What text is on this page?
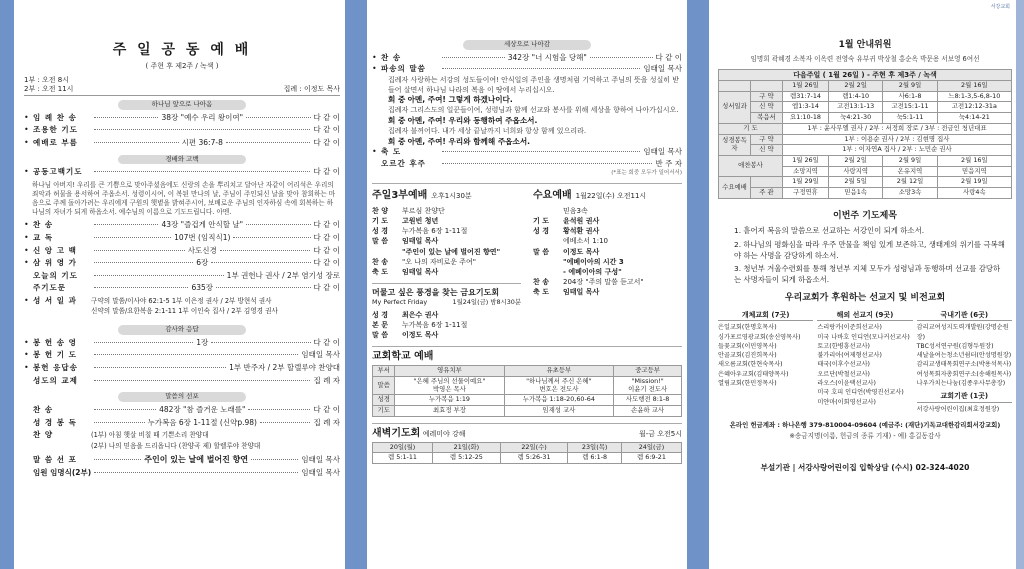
주 일 공 동 예 배
( 주현 후 제2주 / 녹색 )
1부 : 오전 8시
2부 : 오전 11시	집례 : 이정도 목사
하나님 앞으로 나아옴
• 임 례 찬 송	38장 "예수 우리 왕이여"	다 같 이
• 조용한 기도	다 같 이
• 예배로 부름	시편 36:7-8	다 같 이
경배와 고백
• 공동고백기도	다 같 이
하나님 아버지! 우리를 큰 기쁨으로 맞아주셨음에도 신랑의 손을 뿌리치고 달아난 자같이 어리석은 우리의 죄악과 허물을 용서하여 주옵소서. 성령이시여, 이 복된 만나의 날, 주님이 주인되신 날을 맞아 참회하는 마음으로 주께 돌아가려는 우리에게 구원의 햇볕을 밝혀주시어, 보배로운 주님의 인자하심 속에 회복하는 하나님의 자녀가 되게 하옵소서. 예수님의 이름으로 기도드립니다. 아멘.
• 찬 송	43장 "즐겁게 안식할 날"	다 같 이
• 교 독	107번 (임직식1)	다 같 이
• 신 앙 고 백	사도신경	다 같 이
• 삼 위 영 가	6장	다 같 이
오늘의 기도	1부 권헌나 권사 / 2부 염기성 장로
주기도문	635장	다 같 이
• 성 서 일 과	구약의 말씀/이사야 62:1-5 1부 이은정 권사 / 2부 방현석 권사
신약의 말씀/요한복음 2:1-11 1부 이인숙 집사 / 2부 김영경 권사
감사와 응답
• 봉 헌 송 영	1장	다 같 이
• 봉 헌 기 도	임태일 목사
• 봉헌 응답송	1부 반주자 / 2부 할렐루야 찬양대
성도의 교제	집 례 자
말씀의 선포
찬 송	482장 "참 즐거운 노래를"	다 같 이
성 경 봉 독	누가복음 6장 1-11절 (신약p.98)	집 례 자
찬 양	(1부) 아침 햇살 비칠 때 기쁜소리 찬양대
(2부) 나의 믿음을 드리옵니다 (찬양곡 제) 할렐루야 찬양대
말 씀 선 포	주인이 있는 날에 벌어진 향연	임태일 목사
임원 임명식(2부)	임태일 목사
세상으로 나아감
• 찬 송	342장 "너 시험을 당해"	다 같 이
• 파송의 말씀	임태일 목사
집례자 사랑하는 서강의 성도들이여! 안식일의 주인을 생명처럼 기억하고 주님의 뜻을 성실히 받들어 살면서 하나님 나라의 복음 이 땅에서 누리십시오.
회 중 아멘, 주여! 그렇게 하겠나이다.
집례자 그리스도의 일꾼들이여, 성령님과 함께 선교와 봉사를 위해 세상을 향하여 나아가십시오.
회 중 아멘, 주여! 우리와 동행하여 주옵소서.
집례자 불꺼어다. 내가 세상 끝날까지 너희와 항상 함께 있으리라.
회 중 아멘, 주여! 우리와 함께해 주옵소서.
• 축 도	임태일 목사
오르간 후주	반 주 자
(*표는 회중 모두가 일어서서)
주일3부예배 오후1시30분
찬 양	부르심 찬양단
기 도	고원빈 청년
성 경	누가복음 6장 1-11절
말 씀	임태일 목사
"주인이 있는 날에 벌어진 향연"
찬 송	"오 나의 자비로운 주여"
축 도	임태일 목사
머물고 싶은 풍경을 찾는 금요기도회
My Perfect Friday	1월24일(금) 밤8시30분
성 경	최은수 권사
본 문	누가복음 6장 1-11절
말 씀	이정도 목사
수요예배 1월22일(수) 오전11시
믿음3속
기 도	윤석원 권사
성 경	황석환 권사
에베소서 1:10
말 씀	이정도 목사
"에베이아의 시간 3
- 에베이아의 구성"
찬 송	204장 "주의 말씀 듣고서"
축 도	임태일 목사
교회학교 예배
부서	영유치부	유초등부	중고등부
말씀	"은혜 주님의 선물이예요"
박영은 목사	"하나님께서 주신 은혜"
변호은 전도사	"Mission!"
이윤기 전도사
성경	누가복음 1:19	누가복음 1:18-20,60-64	사도행전 8:1-8
기도	최효정 부장	임재성 교사	손윤하 교사
새벽기도회 예레미야 강해	월-금 오전5시
20일(월)	21일(화)	22일(수)	23일(목)	24일(금)
렘 5:1-11	렘 5:12-25	렘 5:26-31	렘 6:1-8	렘 6:9-21
서강교회
1월 안내위원
임명희 곽혜경 소복자 이옥련 전영숙 유부귀 박상철 홍순옥 박문용 서보영 6여선
다음주일 ( 1월 26일 ) - 주현 후 제3주 / 녹색					
		1월 26일	2월 2일	2월 9일	2월 16일
성서일과	구 약	렘31:7-14	렘1:4-10	사6:1-8	느8:1-3,5-6,8-10
	신 약	엡1:3-14	고전13:1-13	고전15:1-11	고전12:12-31a
	복음서	요1:10-18	눅4:21-30	눅5:1-11	눅4:14-21
기 도		1부 : 윤사무엘 권사 / 2부 : 서정희 장로 / 3부 : 전금인 청년대표			
성경봉독자	구 약	1부 : 이용순 권사 / 2부 : 김현명 집사			
	신 약	1부 : 이자연A 집사 / 2부 : 노민순 권사			
애찬봉사		1월 26일	2월 2일	2월 9일	2월 16일
		소망지역	사랑지역	온유지역	믿음지역
수요예배		1월 29일	2월 5일	2월 12일	2월 19일
	주 관	구정연휴	믿음1속	소망3속	사랑4속
이번주 기도제목
1. 흩어져 복음의 말씀으로 선교하는 서강인이 되게 하소서.
2. 하나님의 평화심을 따라 우주 만물을 책임 있게 보존하고, 생태계의 위기를 극복해야 하는 사명을 감당하게 하소서.
3. 청년부 겨울수련회를 통해 청년부 지체 모두가 성령님과 동행하며 선교를 감당하는 사명자들이 되게 하옵소서.
우리교회가 후원하는 선교지 및 비전교회
개체교회 (7곳)
은일교회(한명호목사)
싱가포르영광교회(송신영목사)
들꽃교회(이민영목사)
안골교회(김진희목사)
새오름교회(한현숙목사)
은혜아우교회(김태양목사)
열림교회(한민정목사)
해외 선교지 (9곳)
스리랑카(이준희선교사)
미국 나바호 인디언(모나커선교사)
토고(한병흥선교사)
불가리아(여제형선교사)
태국(이후수선교사)
오르단(박철선교사)
라오스(이윤택선교사)
미국 호피 인디언(박영진선교사)
미얀마(이회영선교사)
국내기관 (6곳)
감리교여성지도력개발원(강명순원장)
TBC성서연구원(김형두원장)
새날을여는청소년쉼터(안성명원장)
감리교생태목회연구소(박용석목사)
여성목회자총회연구소(송해원목사)
나우가치는나눔(김종우사무총장)
교회기관 (1곳)
서강사랑어린이집(최효정원장)
온라인 헌금계좌 : 하나은행 379-810004-09604 (예금주: (재단)기독교대한감리회서강교회)
※송금지명(이름, 헌금의 종류 기재) - 예) 홍길동감사
부설기관 | 서강사랑어린이집 입학상담 (수시) 02-324-4020
